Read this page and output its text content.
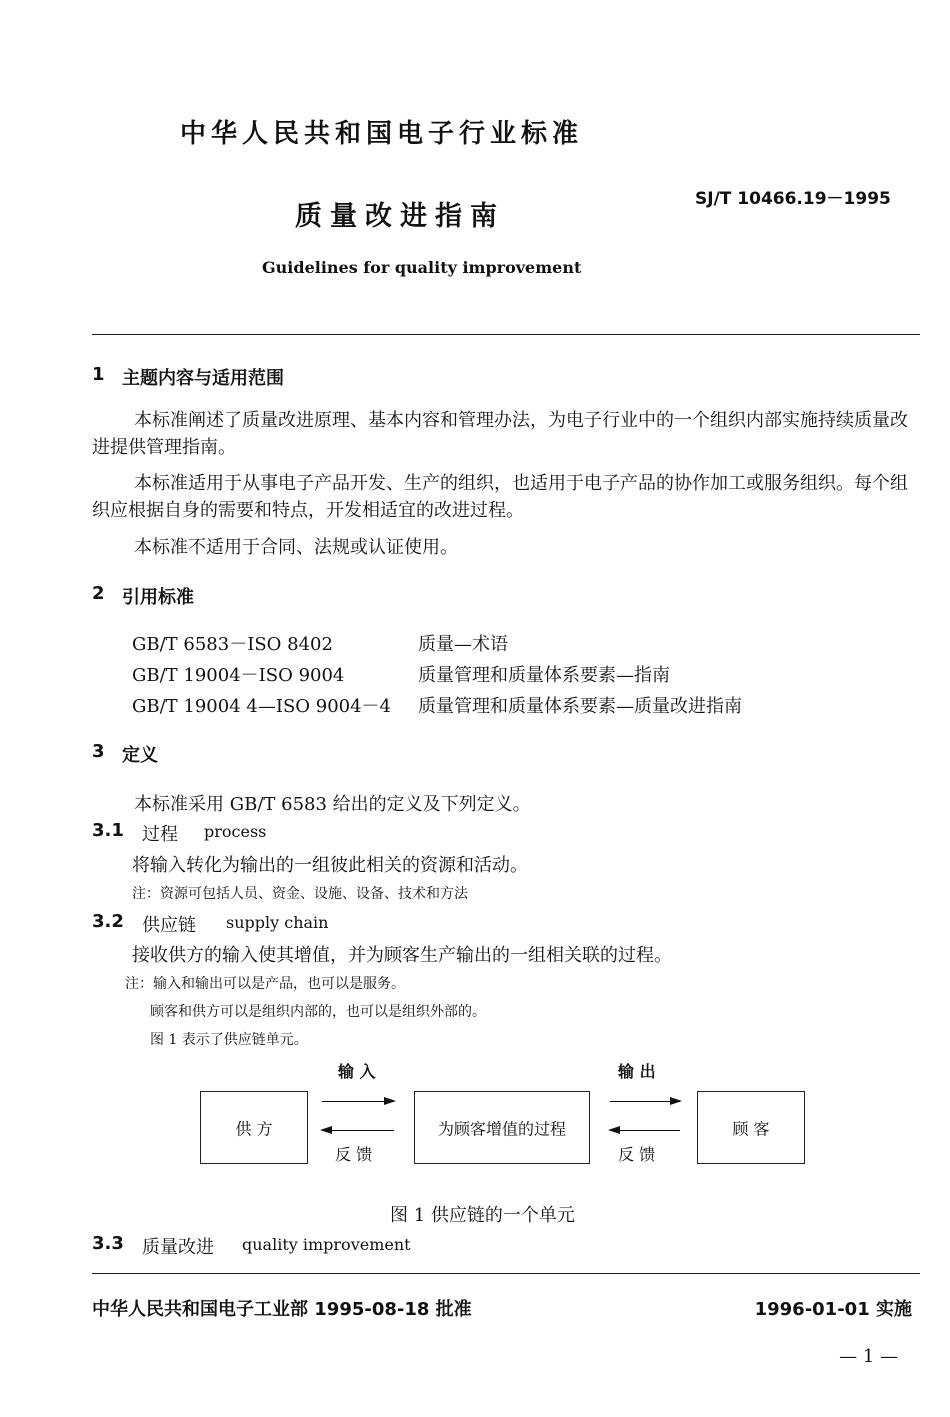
中华人民共和国电子行业标准
质量改进指南
SJ/T 10466.19－1995
Guidelines for quality improvement
1 主题内容与适用范围
本标准阐述了质量改进原理、基本内容和管理办法，为电子行业中的一个组织内部实施持续质量改进提供管理指南。
本标准适用于从事电子产品开发、生产的组织，也适用于电子产品的协作加工或服务组织。每个组织应根据自身的需要和特点，开发相适宜的改进过程。
本标准不适用于合同、法规或认证使用。
2 引用标准
GB/T 6583－ISO 8402	质量—术语
GB/T 19004－ISO 9004	质量管理和质量体系要素—指南
GB/T 19004 4—ISO 9004－4 质量管理和质量体系要素—质量改进指南
3 定义
本标准采用 GB/T 6583 给出的定义及下列定义。
3.1 过程 process
将输入转化为输出的一组彼此相关的资源和活动。
注：资源可包括人员、资金、设施、设备、技术和方法
3.2 供应链 supply chain
接收供方的输入使其增值，并为顾客生产输出的一组相关联的过程。
注：输入和输出可以是产品，也可以是服务。
顾客和供方可以是组织内部的，也可以是组织外部的。
图 1 表示了供应链单元。
输 入	输 出
供 方	为顾客增值的过程	顾 客
反 馈	反 馈
图 1 供应链的一个单元
3.3 质量改进 quality improvement
中华人民共和国电子工业部 1995-08-18 批准	1996-01-01 实施
— 1 —
